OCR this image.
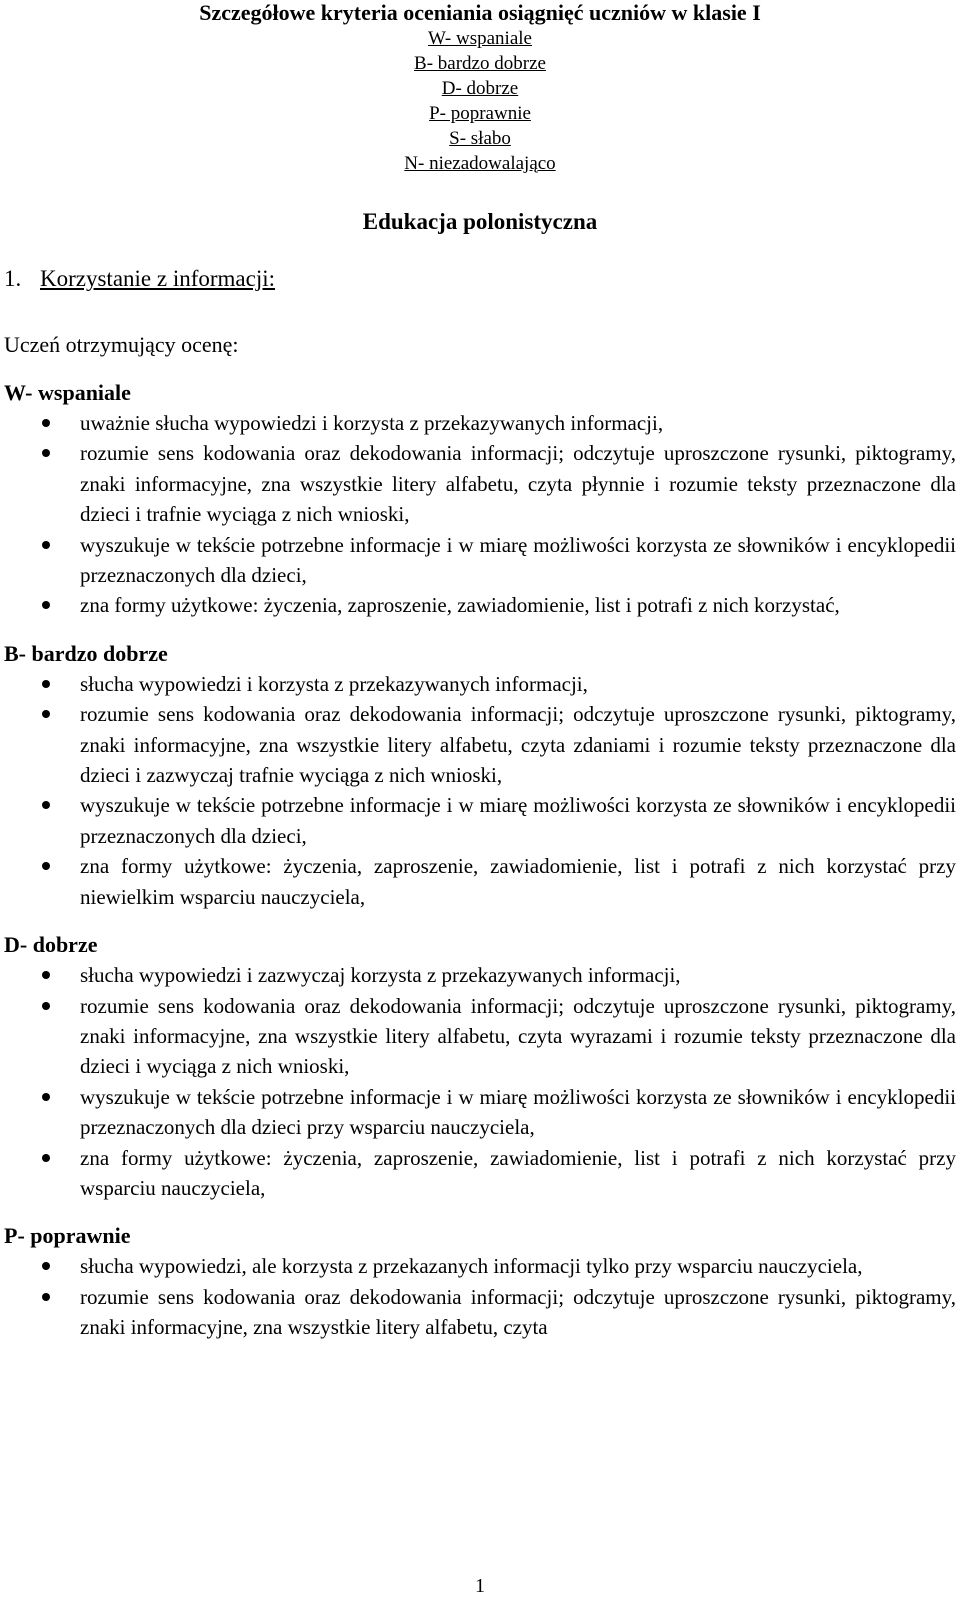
Szczegółowe kryteria oceniania osiągnięć uczniów w klasie I
W- wspaniale
B- bardzo dobrze
D- dobrze
P- poprawnie
S- słabo
N- niezadowalająco
Edukacja polonistyczna
1. Korzystanie z informacji:
Uczeń otrzymujący ocenę:

W- wspaniale

uważnie słucha wypowiedzi i korzysta z przekazywanych informacji,
rozumie sens kodowania oraz dekodowania informacji; odczytuje uproszczone rysunki, piktogramy, znaki informacyjne, zna wszystkie litery alfabetu, czyta płynnie i rozumie teksty przeznaczone dla dzieci i trafnie wyciąga z nich wnioski,
wyszukuje w tekście potrzebne informacje i w miarę możliwości korzysta ze słowników i encyklopedii przeznaczonych dla dzieci,
zna formy użytkowe: życzenia, zaproszenie, zawiadomienie, list i potrafi z nich korzystać,

B- bardzo dobrze

słucha wypowiedzi i korzysta z przekazywanych informacji,
rozumie sens kodowania oraz dekodowania informacji; odczytuje uproszczone rysunki, piktogramy, znaki informacyjne, zna wszystkie litery alfabetu, czyta zdaniami i rozumie teksty przeznaczone dla dzieci i zazwyczaj trafnie wyciąga z nich wnioski,
wyszukuje w tekście potrzebne informacje i w miarę możliwości korzysta ze słowników i encyklopedii przeznaczonych dla dzieci,
zna formy użytkowe: życzenia, zaproszenie, zawiadomienie, list i potrafi z nich korzystać przy niewielkim wsparciu nauczyciela,

D- dobrze

słucha wypowiedzi i zazwyczaj korzysta z przekazywanych informacji,
rozumie sens kodowania oraz dekodowania informacji; odczytuje uproszczone rysunki, piktogramy, znaki informacyjne, zna wszystkie litery alfabetu, czyta wyrazami i rozumie teksty przeznaczone dla dzieci i wyciąga z nich wnioski,
wyszukuje w tekście potrzebne informacje i w miarę możliwości korzysta ze słowników i encyklopedii przeznaczonych dla dzieci przy wsparciu nauczyciela,
zna formy użytkowe: życzenia, zaproszenie, zawiadomienie, list i potrafi z nich korzystać przy wsparciu nauczyciela,

P- poprawnie

słucha wypowiedzi, ale korzysta z przekazanych informacji tylko przy wsparciu nauczyciela,
rozumie sens kodowania oraz dekodowania informacji; odczytuje uproszczone rysunki, piktogramy, znaki informacyjne, zna wszystkie litery alfabetu, czyta
1
